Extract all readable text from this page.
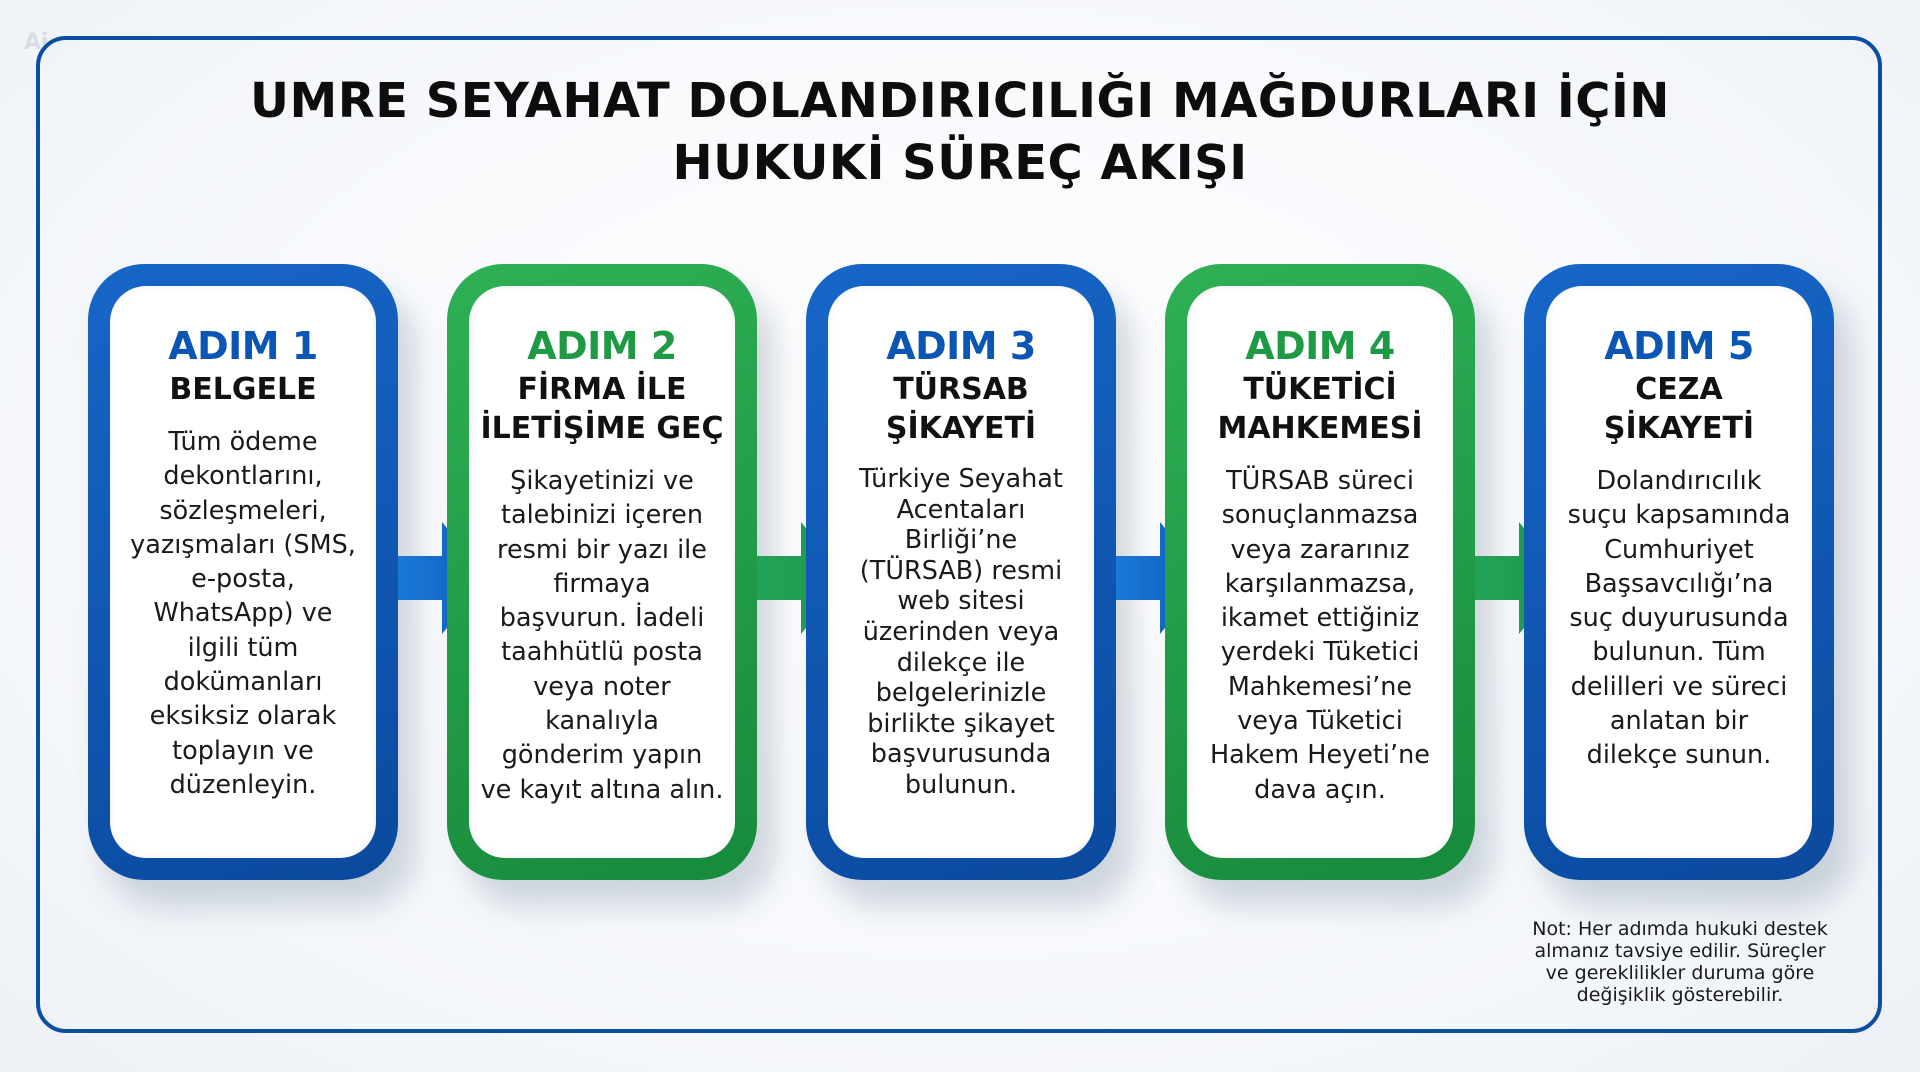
Ai
UMRE SEYAHAT DOLANDIRICILIĞI MAĞDURLARI İÇİN
HUKUKİ SÜREÇ AKIŞI
ADIM 1
BELGELE
Tüm ödeme
dekontlarını,
sözleşmeleri,
yazışmaları (SMS,
e-posta,
WhatsApp) ve
ilgili tüm
dokümanları
eksiksiz olarak
toplayın ve
düzenleyin.
ADIM 2
FİRMA İLE
İLETİŞİME GEÇ
Şikayetinizi ve
talebinizi içeren
resmi bir yazı ile
firmaya
başvurun. İadeli
taahhütlü posta
veya noter
kanalıyla
gönderim yapın
ve kayıt altına alın.
ADIM 3
TÜRSAB
ŞİKAYETİ
Türkiye Seyahat
Acentaları
Birliği’ne
(TÜRSAB) resmi
web sitesi
üzerinden veya
dilekçe ile
belgelerinizle
birlikte şikayet
başvurusunda
bulunun.
ADIM 4
TÜKETİCİ
MAHKEMESİ
TÜRSAB süreci
sonuçlanmazsa
veya zararınız
karşılanmazsa,
ikamet ettiğiniz
yerdeki Tüketici
Mahkemesi’ne
veya Tüketici
Hakem Heyeti’ne
dava açın.
ADIM 5
CEZA
ŞİKAYETİ
Dolandırıcılık
suçu kapsamında
Cumhuriyet
Başsavcılığı’na
suç duyurusunda
bulunun. Tüm
delilleri ve süreci
anlatan bir
dilekçe sunun.
Not: Her adımda hukuki destek
almanız tavsiye edilir. Süreçler
ve gereklilikler duruma göre
değişiklik gösterebilir.
